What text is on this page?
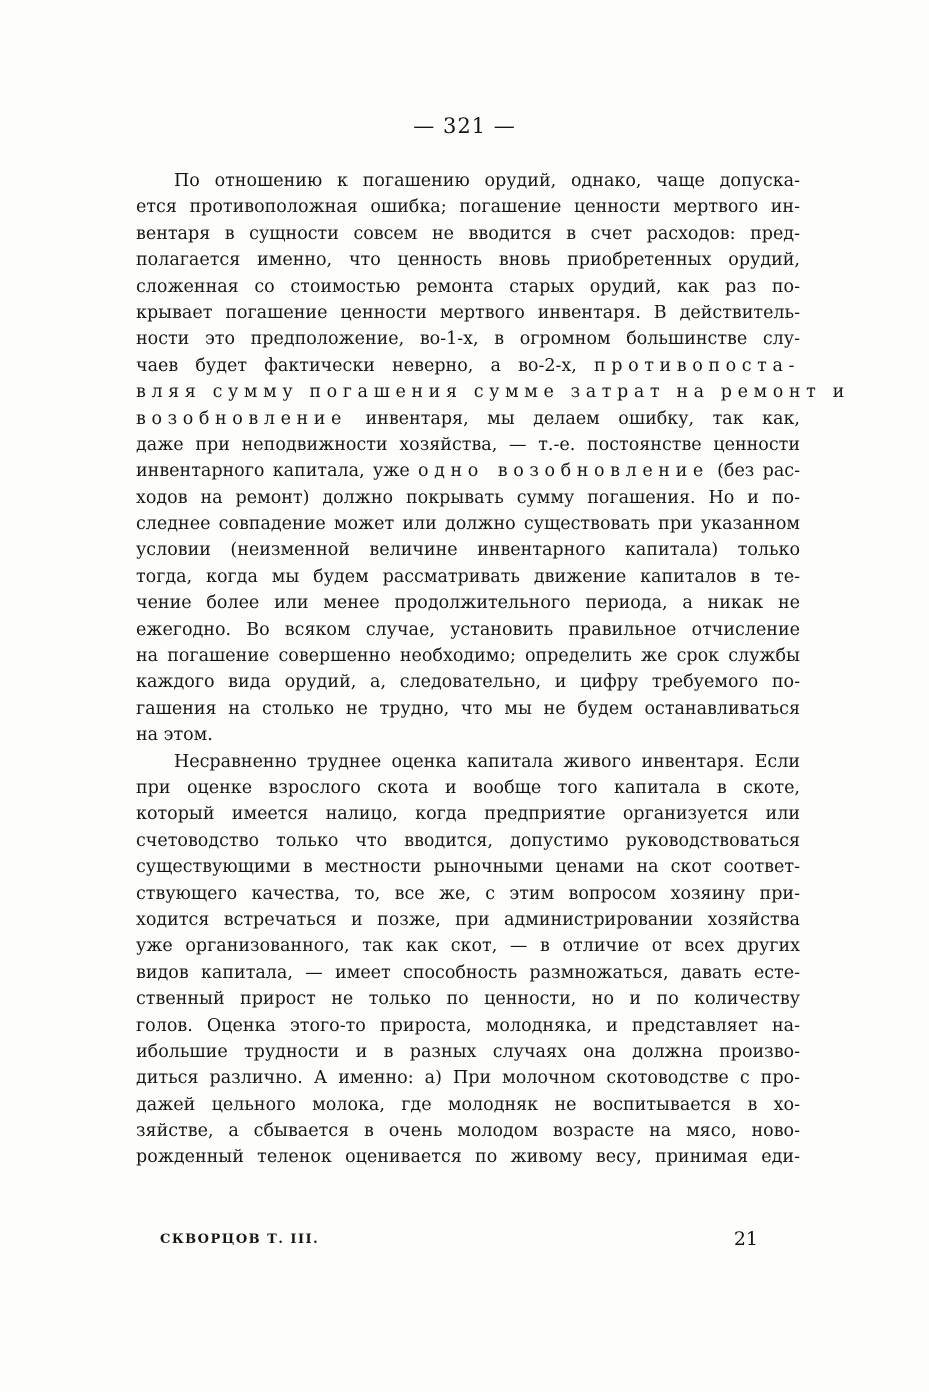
— 321 —
По отношению к погашению орудий, однако, чаще допуска-
ется противоположная ошибка; погашение ценности мертвого ин-
вентаря в сущности совсем не вводится в счет расходов: пред-
полагается именно, что ценность вновь приобретенных орудий,
сложенная со стоимостью ремонта старых орудий, как раз по-
крывает погашение ценности мертвого инвентаря. В действитель-
ности это предположение, во-1-х, в огромном большинстве слу-
чаев будет фактически неверно, а во-2-х, противопоста-
вляя сумму погашения сумме затрат на ремонт и
возобновление инвентаря, мы делаем ошибку, так как,
даже при неподвижности хозяйства, — т.-е. постоянстве ценности
инвентарного капитала, уже одно возобновление (без рас-
ходов на ремонт) должно покрывать сумму погашения. Но и по-
следнее совпадение может или должно существовать при указанном
условии (неизменной величине инвентарного капитала) только
тогда, когда мы будем рассматривать движение капиталов в те-
чение более или менее продолжительного периода, а никак не
ежегодно. Во всяком случае, установить правильное отчисление
на погашение совершенно необходимо; определить же срок службы
каждого вида орудий, а, следовательно, и цифру требуемого по-
гашения на столько не трудно, что мы не будем останавливаться
на этом.
Несравненно труднее оценка капитала живого инвентаря. Если
при оценке взрослого скота и вообще того капитала в скоте,
который имеется налицо, когда предприятие организуется или
счетоводство только что вводится, допустимо руководствоваться
существующими в местности рыночными ценами на скот соответ-
ствующего качества, то, все же, с этим вопросом хозяину при-
ходится встречаться и позже, при администрировании хозяйства
уже организованного, так как скот, — в отличие от всех других
видов капитала, — имеет способность размножаться, давать есте-
ственный прирост не только по ценности, но и по количеству
голов. Оценка этого-то прироста, молодняка, и представляет на-
ибольшие трудности и в разных случаях она должна произво-
диться различно. А именно: а) При молочном скотоводстве с про-
дажей цельного молока, где молодняк не воспитывается в хо-
зяйстве, а сбывается в очень молодом возрасте на мясо, ново-
рожденный теленок оценивается по живому весу, принимая еди-
СКВОРЦОВ Т. III.	21
